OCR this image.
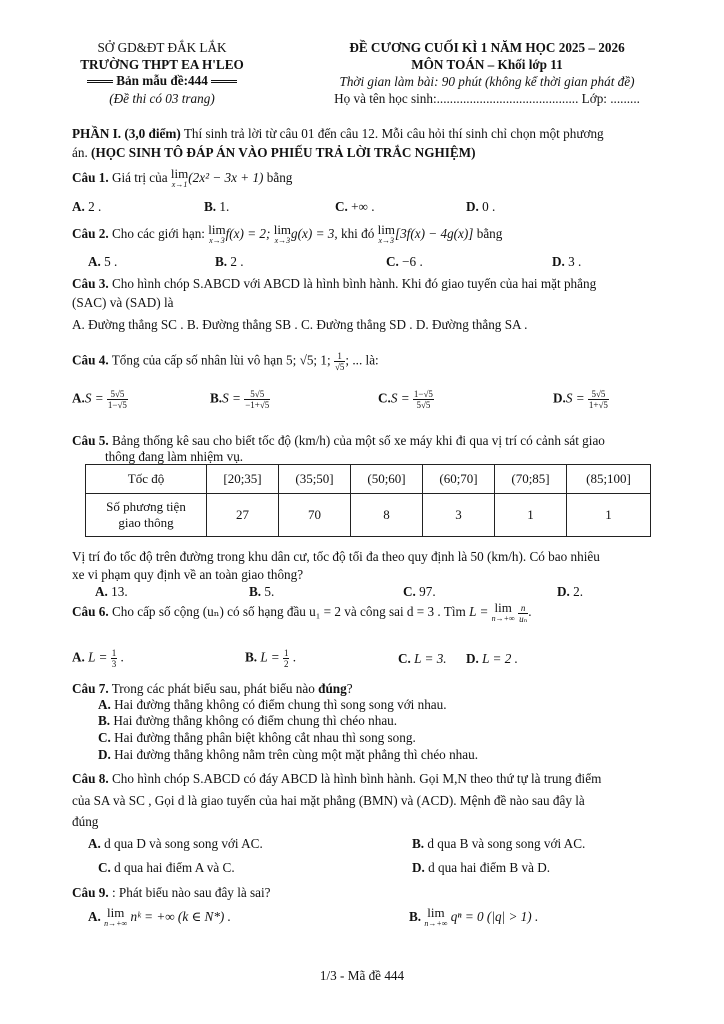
SỞ GD&ĐT ĐẮK LẮK
TRƯỜNG THPT EA H'LEO
Bản mẫu đề:444
(Đề thi có 03 trang)
ĐỀ CƯƠNG CUỐI KÌ 1 NĂM HỌC 2025 – 2026
MÔN TOÁN – Khối lớp 11
Thời gian làm bài: 90 phút (không kể thời gian phát đề)
Họ và tên học sinh:........................................... Lớp: .........
PHẦN I. (3,0 điểm) Thí sinh trả lời từ câu 01 đến câu 12. Mỗi câu hỏi thí sinh chỉ chọn một phương
án. (HỌC SINH TÔ ĐÁP ÁN VÀO PHIẾU TRẢ LỜI TRẮC NGHIỆM)
Câu 1. Giá trị của lim
x→1 (2x² − 3x + 1) bằng
A. 2 .	B. 1.	C. +∞ .	D. 0 .
Câu 2. Cho các giới hạn: lim
x→3 f(x) = 2; lim
x→3 g(x) = 3, khi đó lim
x→3 [3f(x) − 4g(x)] bằng
A. 5 .	B. 2 .	C. −6 .	D. 3 .
Câu 3. Cho hình chóp S.ABCD với ABCD là hình bình hành. Khi đó giao tuyến của hai mặt phẳng
(SAC) và (SAD) là
A. Đường thẳng SC . B. Đường thẳng SB . C. Đường thẳng SD . D. Đường thẳng SA .
Câu 4. Tổng của cấp số nhân lùi vô hạn 5; √5; 1; $\frac{1}{√5}$ ; ... là:
$A.S = \frac{5√5}{1-√5}$	$B.S = \frac{5√5}{-1+√5}$	$C.S = \frac{1-√5}{5√5}$	$D.S = \frac{5√5}{1+√5}$
Câu 5. Bảng thống kê sau cho biết tốc độ (km/h) của một số xe máy khi đi qua vị trí có cảnh sát giao
thông đang làm nhiệm vụ.
Tốc độ	[20;35]	(35;50]	(50;60]	(60;70]	(70;85]	(85;100]
Số phương tiện
giao thông	27	70	8	3	1	1
Vị trí đo tốc độ trên đường trong khu dân cư, tốc độ tối đa theo quy định là 50 (km/h). Có bao nhiêu
xe vi phạm quy định về an toàn giao thông?
A. 13.	B. 5.	C. 97.	D. 2.
Câu 6. Cho cấp số cộng (uₙ) có số hạng đầu u₁ = 2 và công sai d = 3 . Tìm L = lim
n→+∞
$\frac{n}{\text{uₙ}}$ .
A. $L = \frac{1}{3}$ .	B. $L = \frac{1}{2}$ .	C. L = 3. D. L = 2 .
Câu 7. Trong các phát biểu sau, phát biểu nào đúng?
A. Hai đường thẳng không có điểm chung thì song song với nhau.
B. Hai đường thẳng không có điểm chung thì chéo nhau.
C. Hai đường thẳng phân biệt không cắt nhau thì song song.
D. Hai đường thẳng không nằm trên cùng một mặt phẳng thì chéo nhau.
Câu 8. Cho hình chóp S.ABCD có đáy ABCD là hình bình hành. Gọi M,N theo thứ tự là trung điểm
của SA và SC , Gọi d là giao tuyến của hai mặt phẳng (BMN) và (ACD). Mệnh đề nào sau đây là
đúng
A. d qua D và song song với AC.	B. d qua B và song song với AC.
C. d qua hai điểm A và C.	D. d qua hai điểm B và D.
Câu 9. : Phát biểu nào sau đây là sai?
A. lim
n→+∞ nᵏ = +∞ (k ∈ N*) .	B. lim
n→+∞ qⁿ = 0 (|q| > 1) .
1/3 - Mã đề 444
